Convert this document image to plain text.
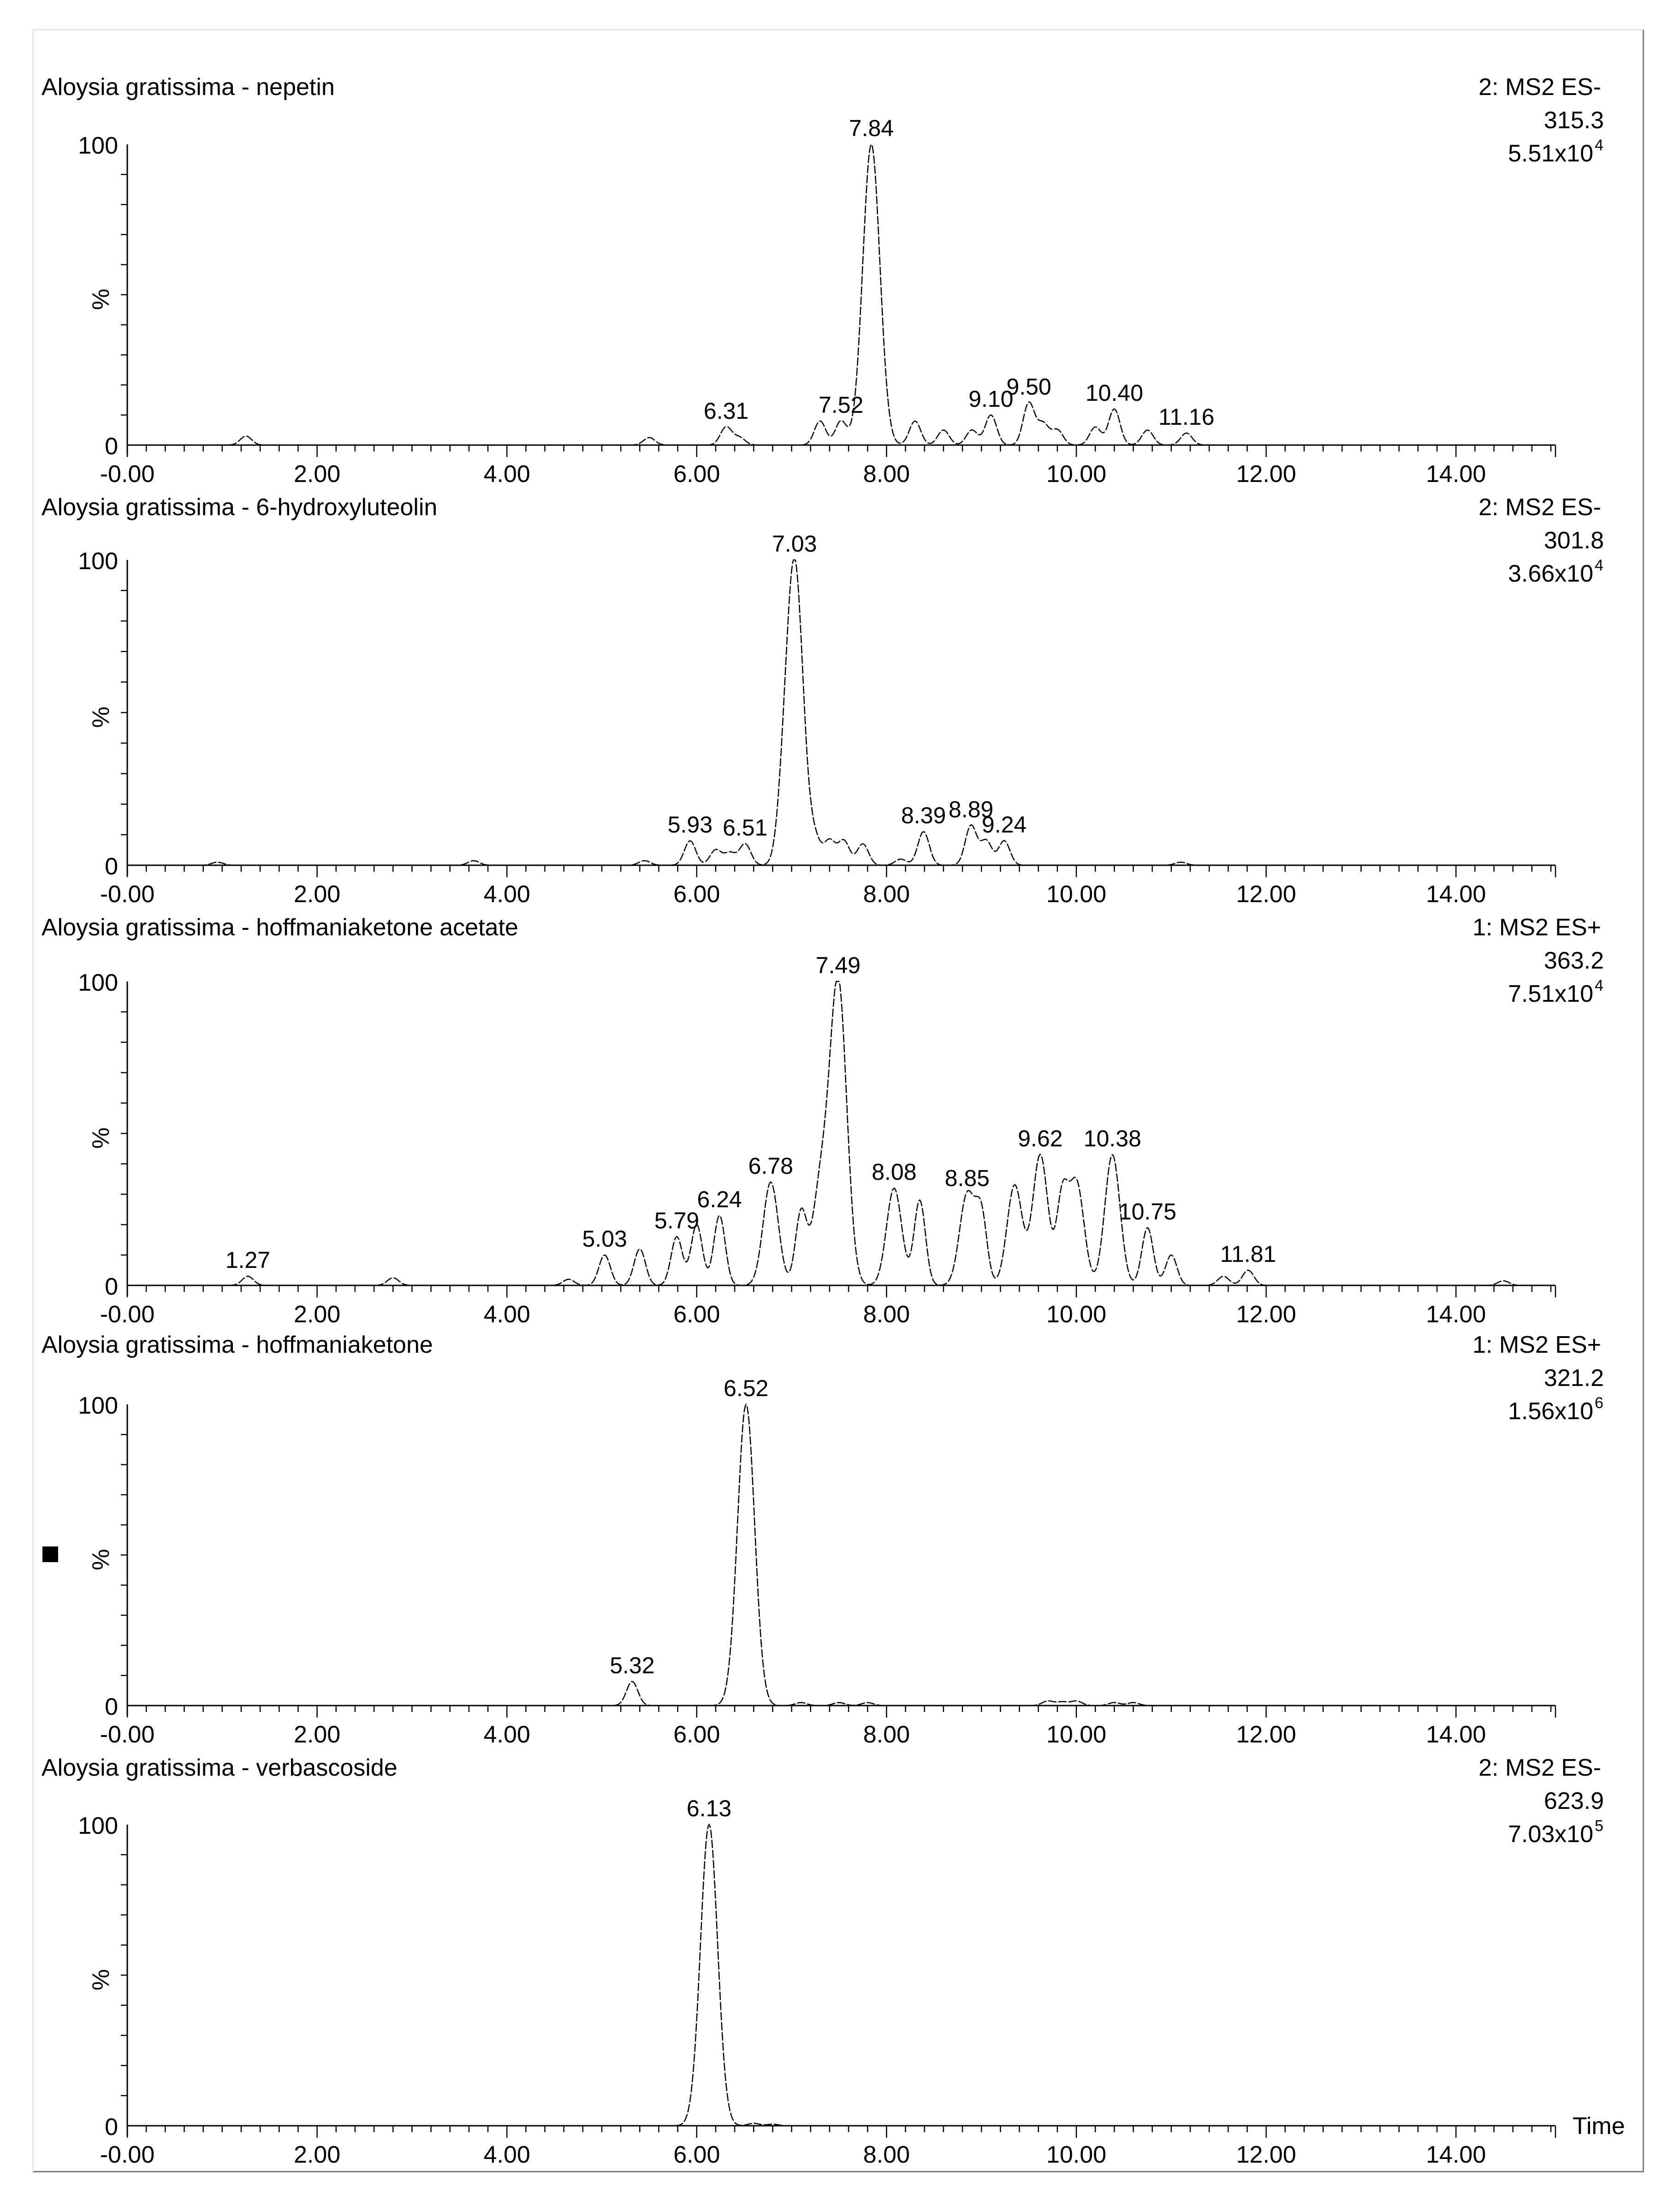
Aloysia gratissima - nepetin	2: MS2 ES-
315.3
5.51x10 4
100
0
%
-0.00	2.00	4.00	6.00	8.00	10.00	12.00	14.00
6.31	7.52
7.84
9.10
9.50 10.40
11.16
Aloysia gratissima - 6-hydroxyluteolin	2: MS2 ES-
301.8
3.66x10 4
100
0
%
-0.00	2.00	4.00	6.00	8.00	10.00	12.00	14.00
5.93 6.51
7.03
8.39 8.89
9.24
Aloysia gratissima - hoffmaniaketone acetate	1: MS2 ES+
363.2
7.51x10 4
100
0
%
-0.00	2.00	4.00	6.00	8.00	10.00	12.00	14.00
1.27
5.03
5.79
6.24
6.78
7.49
8.08 8.85
9.62 10.38
10.75
11.81
Aloysia gratissima - hoffmaniaketone	1: MS2 ES+
321.2
1.56x10 6
100
0
%
-0.00	2.00	4.00	6.00	8.00	10.00	12.00	14.00
5.32
6.52
Aloysia gratissima - verbascoside	2: MS2 ES-
623.9
7.03x10 5
100
0
%
-0.00	2.00	4.00	6.00	8.00	10.00	12.00	14.00
6.13
Time
